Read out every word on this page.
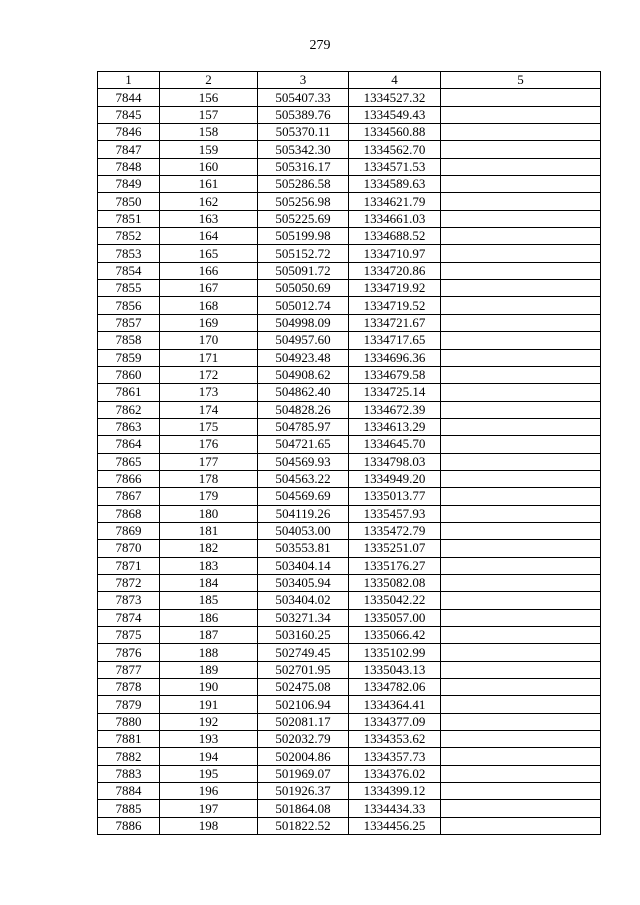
279
1	2	3	4	5
7844	156	505407.33	1334527.32	
7845	157	505389.76	1334549.43	
7846	158	505370.11	1334560.88	
7847	159	505342.30	1334562.70	
7848	160	505316.17	1334571.53	
7849	161	505286.58	1334589.63	
7850	162	505256.98	1334621.79	
7851	163	505225.69	1334661.03	
7852	164	505199.98	1334688.52	
7853	165	505152.72	1334710.97	
7854	166	505091.72	1334720.86	
7855	167	505050.69	1334719.92	
7856	168	505012.74	1334719.52	
7857	169	504998.09	1334721.67	
7858	170	504957.60	1334717.65	
7859	171	504923.48	1334696.36	
7860	172	504908.62	1334679.58	
7861	173	504862.40	1334725.14	
7862	174	504828.26	1334672.39	
7863	175	504785.97	1334613.29	
7864	176	504721.65	1334645.70	
7865	177	504569.93	1334798.03	
7866	178	504563.22	1334949.20	
7867	179	504569.69	1335013.77	
7868	180	504119.26	1335457.93	
7869	181	504053.00	1335472.79	
7870	182	503553.81	1335251.07	
7871	183	503404.14	1335176.27	
7872	184	503405.94	1335082.08	
7873	185	503404.02	1335042.22	
7874	186	503271.34	1335057.00	
7875	187	503160.25	1335066.42	
7876	188	502749.45	1335102.99	
7877	189	502701.95	1335043.13	
7878	190	502475.08	1334782.06	
7879	191	502106.94	1334364.41	
7880	192	502081.17	1334377.09	
7881	193	502032.79	1334353.62	
7882	194	502004.86	1334357.73	
7883	195	501969.07	1334376.02	
7884	196	501926.37	1334399.12	
7885	197	501864.08	1334434.33	
7886	198	501822.52	1334456.25	
